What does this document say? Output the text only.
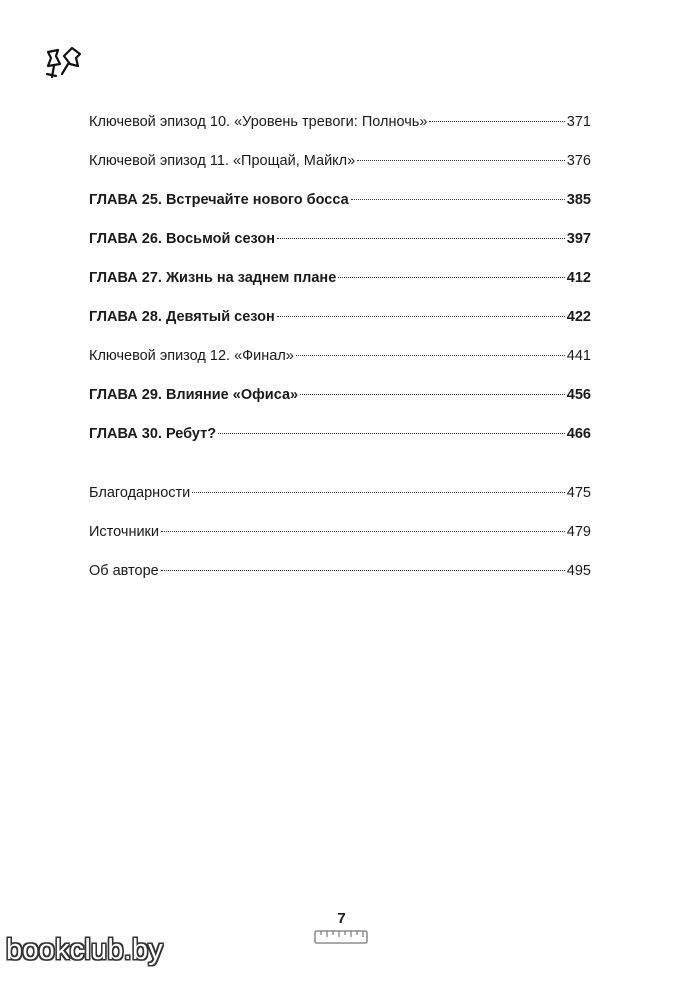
Ключевой эпизод 10. «Уровень тревоги: Полночь»	371
Ключевой эпизод 11. «Прощай, Майкл»	376
ГЛАВА 25. Встречайте нового босса	385
ГЛАВА 26. Восьмой сезон	397
ГЛАВА 27. Жизнь на заднем плане	412
ГЛАВА 28. Девятый сезон	422
Ключевой эпизод 12. «Финал»	441
ГЛАВА 29. Влияние «Офиса»	456
ГЛАВА 30. Ребут?	466
Благодарности	475
Источники	479
Об авторе	495
7
bookclub.by
